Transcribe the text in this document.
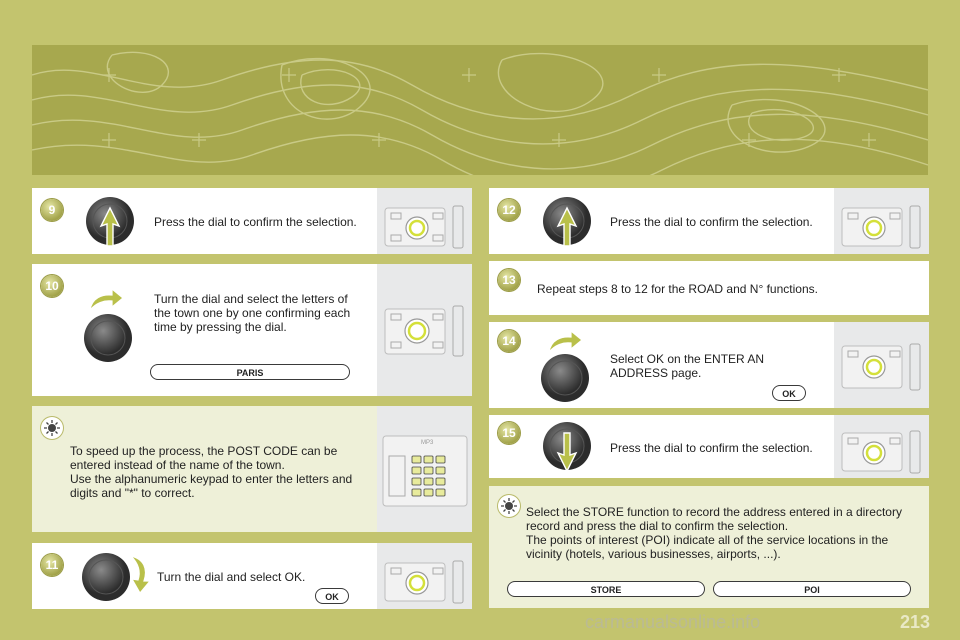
9
Press the dial to confirm the selection.
10
Turn the dial and select the letters of the town one by one confirming each time by pressing the dial.
PARIS
To speed up the process, the POST CODE can be entered instead of the name of the town.
Use the alphanumeric keypad to enter the letters and digits and "*" to correct.
MP3
11
Turn the dial and select OK.
OK
12
Press the dial to confirm the selection.
13
Repeat steps 8 to 12 for the ROAD and N° functions.
14
Select OK on the ENTER AN ADDRESS page.
OK
15
Press the dial to confirm the selection.
Select the STORE function to record the address entered in a directory record and press the dial to confirm the selection.
The points of interest (POI) indicate all of the service locations in the vicinity (hotels, various businesses, airports, ...).
STORE	POI
carmanualsonline.info	213
